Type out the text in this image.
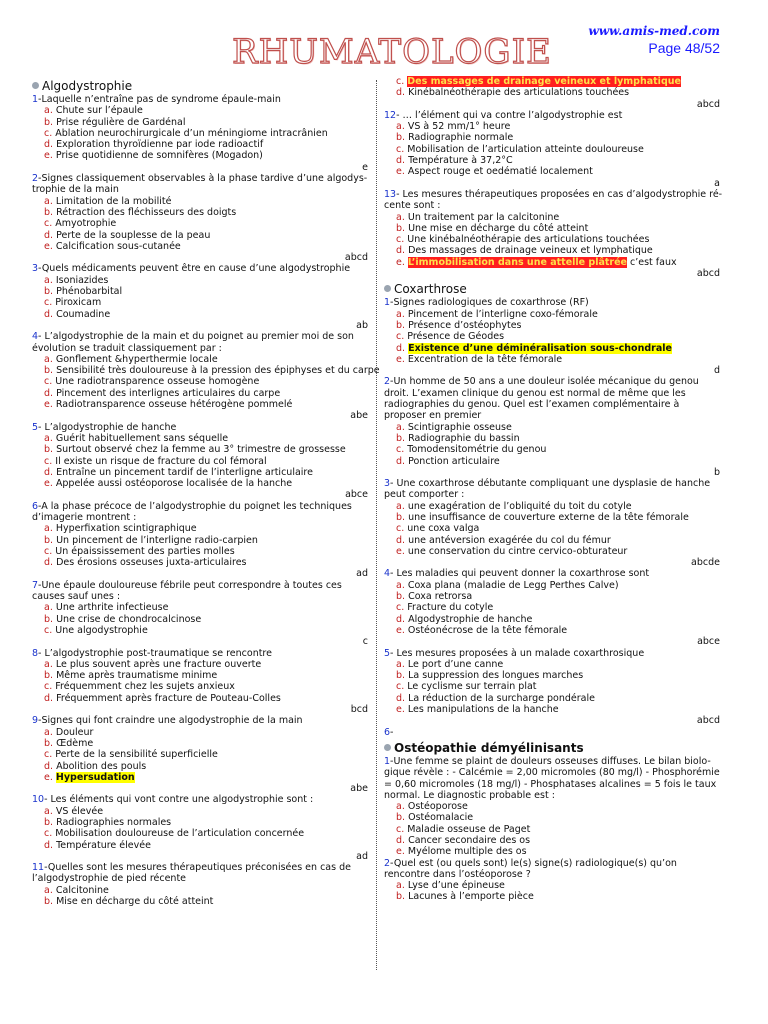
RHUMATOLOGIE
www.amis-med.com
Page 48/52
Algodystrophie
1-Laquelle n’entraîne pas de syndrome épaule-main
a. Chute sur l’épaule
b. Prise régulière de Gardénal
c. Ablation neurochirurgicale d’un méningiome intracrânien
d. Exploration thyroïdienne par iode radioactif
e. Prise quotidienne de somnifères (Mogadon)
e
2-Signes classiquement observables à la phase tardive d’une algodys-trophie de la main
a. Limitation de la mobilité
b. Rétraction des fléchisseurs des doigts
c. Amyotrophie
d. Perte de la souplesse de la peau
e. Calcification sous-cutanée
abcd
3-Quels médicaments peuvent être en cause d’une algodystrophie
a. Isoniazides
b. Phénobarbital
c. Piroxicam
d. Coumadine
ab
4- L’algodystrophie de la main et du poignet au premier moi de son évolution se traduit classiquement par :
a. Gonflement &hyperthermie locale
b. Sensibilité très douloureuse à la pression des épiphyses et du carpe
c. Une radiotransparence osseuse homogène
d. Pincement des interlignes articulaires du carpe
e. Radiotransparence osseuse hétérogène pommelé
abe
5- L’algodystrophie de hanche
a. Guérit habituellement sans séquelle
b. Surtout observé chez la femme au 3° trimestre de grossesse
c. Il existe un risque de fracture du col fémoral
d. Entraîne un pincement tardif de l’interligne articulaire
e. Appelée aussi ostéoporose localisée de la hanche
abce
6-A la phase précoce de l’algodystrophie du poignet les techniques d’imagerie montrent :
a. Hyperfixation scintigraphique
b. Un pincement de l’interligne radio-carpien
c. Un épaississement des parties molles
d. Des érosions osseuses juxta-articulaires
ad
7-Une épaule douloureuse fébrile peut correspondre à toutes ces causes sauf unes :
a. Une arthrite infectieuse
b. Une crise de chondrocalcinose
c. Une algodystrophie
c
8- L’algodystrophie post-traumatique se rencontre
a. Le plus souvent après une fracture ouverte
b. Même après traumatisme minime
c. Fréquemment chez les sujets anxieux
d. Fréquemment après fracture de Pouteau-Colles
bcd
9-Signes qui font craindre une algodystrophie de la main
a. Douleur
b. Œdème
c. Perte de la sensibilité superficielle
d. Abolition des pouls
e. Hypersudation
abe
10- Les éléments qui vont contre une algodystrophie sont :
a. VS élevée
b. Radiographies normales
c. Mobilisation douloureuse de l’articulation concernée
d. Température élevée
ad
11-Quelles sont les mesures thérapeutiques préconisées en cas de l’algodystrophie de pied récente
a. Calcitonine
b. Mise en décharge du côté atteint
c. Des massages de drainage veineux et lymphatique
d. Kinébalnéothérapie des articulations touchées
abcd
12- … l’élément qui va contre l’algodystrophie est
a. VS à 52 mm/1° heure
b. Radiographie normale
c. Mobilisation de l’articulation atteinte douloureuse
d. Température à 37,2°C
e. Aspect rouge et oedématié localement
a
13- Les mesures thérapeutiques proposées en cas d’algodystrophie ré-cente sont :
a. Un traitement par la calcitonine
b. Une mise en décharge du côté atteint
c. Une kinébalnéothérapie des articulations touchées
d. Des massages de drainage veineux et lymphatique
e. L’immobilisation dans une attelle plâtrée c’est faux
abcd
Coxarthrose
1-Signes radiologiques de coxarthrose (RF)
a. Pincement de l’interligne coxo-fémorale
b. Présence d’ostéophytes
c. Présence de Géodes
d. Existence d’une déminéralisation sous-chondrale
e. Excentration de la tête fémorale
d
2-Un homme de 50 ans a une douleur isolée mécanique du genou droit. L’examen clinique du genou est normal de même que les radiographies du genou. Quel est l’examen complémentaire à proposer en premier
a. Scintigraphie osseuse
b. Radiographie du bassin
c. Tomodensitométrie du genou
d. Ponction articulaire
b
3- Une coxarthrose débutante compliquant une dysplasie de hanche peut comporter :
a. une exagération de l’obliquité du toit du cotyle
b. une insuffisance de couverture externe de la tête fémorale
c. une coxa valga
d. une antéversion exagérée du col du fémur
e. une conservation du cintre cervico-obturateur
abcde
4- Les maladies qui peuvent donner la coxarthrose sont
a. Coxa plana (maladie de Legg Perthes Calve)
b. Coxa retrorsa
c. Fracture du cotyle
d. Algodystrophie de hanche
e. Ostéonécrose de la tête fémorale
abce
5- Les mesures proposées à un malade coxarthrosique
a. Le port d’une canne
b. La suppression des longues marches
c. Le cyclisme sur terrain plat
d. La réduction de la surcharge pondérale
e. Les manipulations de la hanche
abcd
6-
Ostéopathie démyélinisants
1-Une femme se plaint de douleurs osseuses diffuses. Le bilan biolo-gique révèle : - Calcémie = 2,00 micromoles (80 mg/l) - Phosphorémie = 0,60 micromoles (18 mg/l) - Phosphatases alcalines = 5 fois le taux normal. Le diagnostic probable est :
a. Ostéoporose
b. Ostéomalacie
c. Maladie osseuse de Paget
d. Cancer secondaire des os
e. Myélome multiple des os
2-Quel est (ou quels sont) le(s) signe(s) radiologique(s) qu’on rencontre dans l’ostéoporose ?
a. Lyse d’une épineuse
b. Lacunes à l’emporte pièce
